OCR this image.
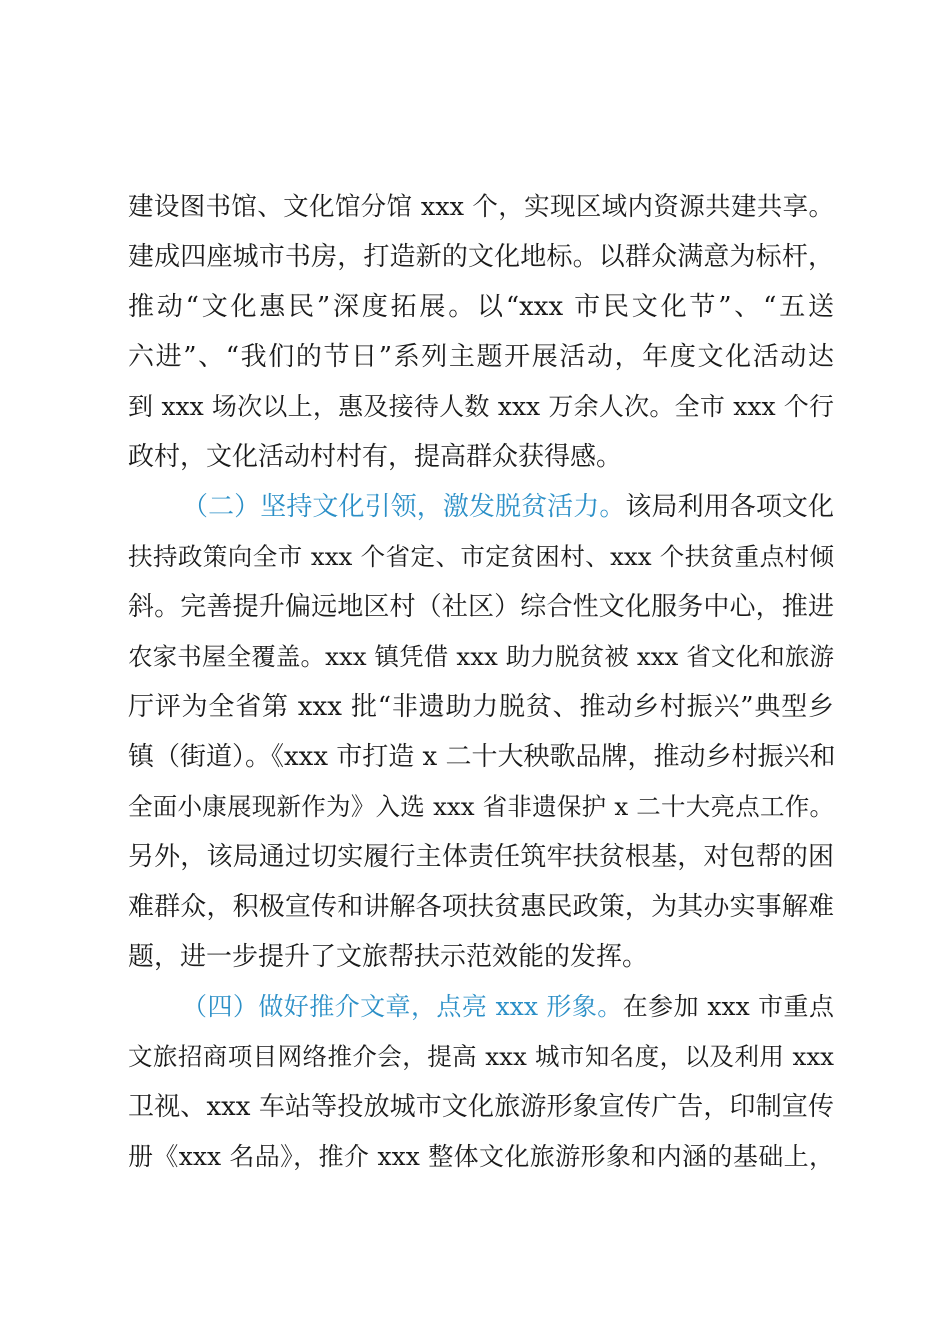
建设图书馆、文化馆分馆 xxx 个，实现区域内资源共建共享。
建成四座城市书房，打造新的文化地标。以群众满意为标杆，
推动“文化惠民”深度拓展。以“xxx 市民文化节”、“五送
六进”、“我们的节日”系列主题开展活动，年度文化活动达
到 xxx 场次以上，惠及接待人数 xxx 万余人次。全市 xxx 个行
政村，文化活动村村有，提高群众获得感。
（二）坚持文化引领，激发脱贫活力。该局利用各项文化
扶持政策向全市 xxx 个省定、市定贫困村、xxx 个扶贫重点村倾
斜。完善提升偏远地区村（社区）综合性文化服务中心，推进
农家书屋全覆盖。xxx 镇凭借 xxx 助力脱贫被 xxx 省文化和旅游
厅评为全省第 xxx 批“非遗助力脱贫、推动乡村振兴”典型乡
镇（街道）。《xxx 市打造 x 二十大秧歌品牌，推动乡村振兴和
全面小康展现新作为》入选 xxx 省非遗保护 x 二十大亮点工作。
另外，该局通过切实履行主体责任筑牢扶贫根基，对包帮的困
难群众，积极宣传和讲解各项扶贫惠民政策，为其办实事解难
题，进一步提升了文旅帮扶示范效能的发挥。
（四）做好推介文章，点亮 xxx 形象。在参加 xxx 市重点
文旅招商项目网络推介会，提高 xxx 城市知名度，以及利用 xxx
卫视、xxx 车站等投放城市文化旅游形象宣传广告，印制宣传
册《xxx 名品》，推介 xxx 整体文化旅游形象和内涵的基础上，
